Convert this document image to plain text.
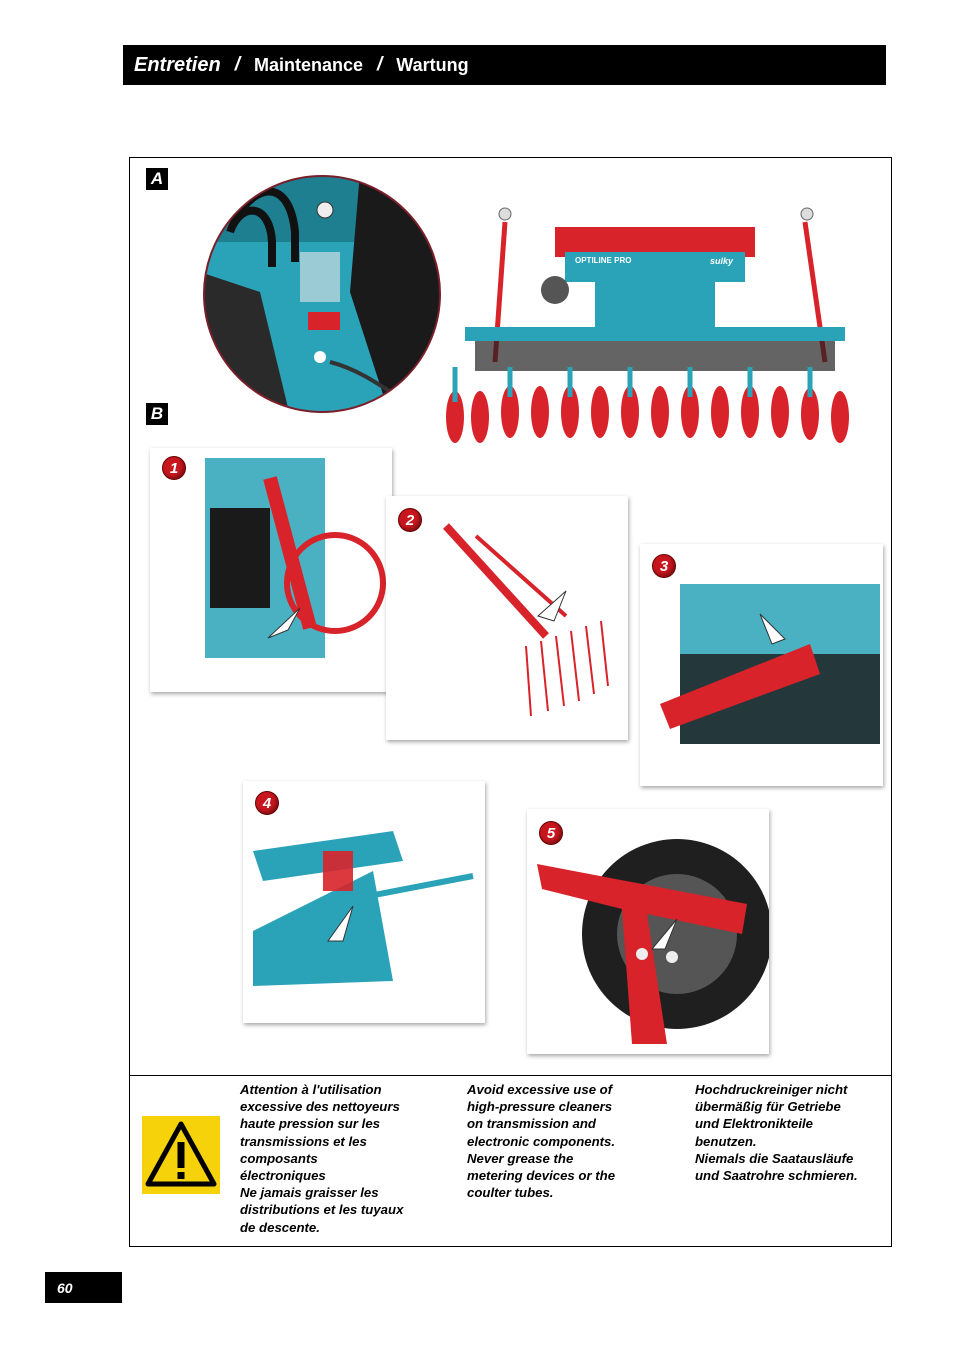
Entretien / Maintenance / Wartung
A
B
OPTILINE PRO	sulky
1
2
3
4
5
Attention à l'utilisation
excessive des nettoyeurs
haute pression sur les
transmissions et les
composants
électroniques
Ne jamais graisser les
distributions et les tuyaux
de descente.
Avoid excessive use of
high-pressure cleaners
on transmission and
electronic components.
Never grease the
metering devices or the
coulter tubes.
Hochdruckreiniger nicht
übermäßig für Getriebe
und Elektronikteile
benutzen.
Niemals die Saatausläufe
und Saatrohre schmieren.
60
